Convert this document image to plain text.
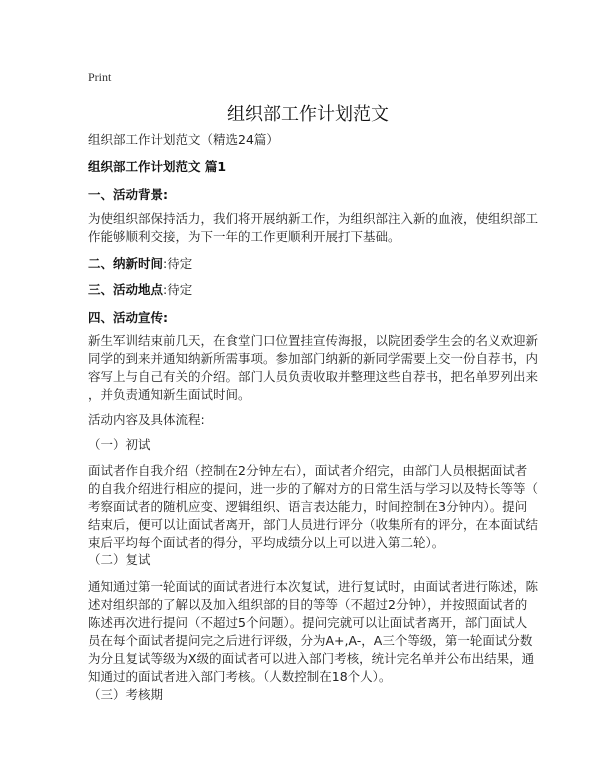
Print
组织部工作计划范文
组织部工作计划范文（精选24篇）
组织部工作计划范文 篇1
一、活动背景:
为使组织部保持活力，我们将开展纳新工作，为组织部注入新的血液，使组织部工
作能够顺利交接，为下一年的工作更顺利开展打下基础。
二、纳新时间:待定
三、活动地点:待定
四、活动宣传:
新生军训结束前几天，在食堂门口位置挂宣传海报，以院团委学生会的名义欢迎新
同学的到来并通知纳新所需事项。参加部门纳新的新同学需要上交一份自荐书，内
容写上与自己有关的介绍。部门人员负责收取并整理这些自荐书，把名单罗列出来
，并负责通知新生面试时间。
活动内容及具体流程:
（一）初试
面试者作自我介绍（控制在2分钟左右），面试者介绍完，由部门人员根据面试者
的自我介绍进行相应的提问，进一步的了解对方的日常生活与学习以及特长等等（
考察面试者的随机应变、逻辑组织、语言表达能力，时间控制在3分钟内）。提问
结束后，便可以让面试者离开，部门人员进行评分（收集所有的评分，在本面试结
束后平均每个面试者的得分，平均成绩分以上可以进入第二轮）。
（二）复试
通知通过第一轮面试的面试者进行本次复试，进行复试时，由面试者进行陈述，陈
述对组织部的了解以及加入组织部的目的等等（不超过2分钟），并按照面试者的
陈述再次进行提问（不超过5个问题）。提问完就可以让面试者离开，部门面试人
员在每个面试者提问完之后进行评级，分为A+,A-，A三个等级，第一轮面试分数
为分且复试等级为X级的面试者可以进入部门考核，统计完名单并公布出结果，通
知通过的面试者进入部门考核。（人数控制在18个人）。
（三）考核期
